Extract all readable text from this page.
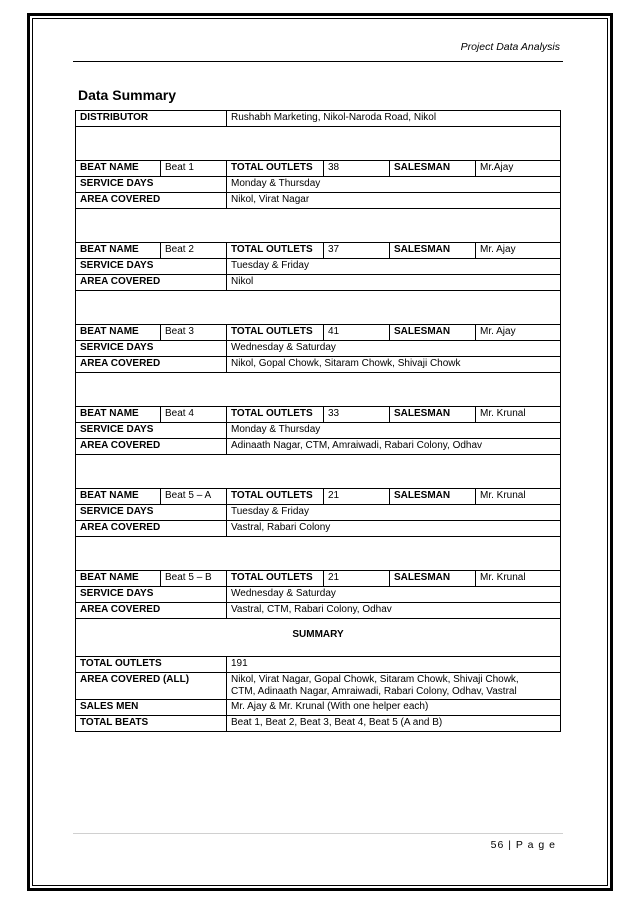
Project Data Analysis
Data Summary
DISTRIBUTOR		Rushabh Marketing, Nikol-Naroda Road, Nikol			

BEAT NAME	Beat 1	TOTAL OUTLETS	38	SALESMAN	Mr.Ajay
SERVICE DAYS		Monday & Thursday			
AREA COVERED		Nikol, Virat Nagar			

BEAT NAME	Beat 2	TOTAL OUTLETS	37	SALESMAN	Mr. Ajay
SERVICE DAYS		Tuesday & Friday			
AREA COVERED		Nikol			

BEAT NAME	Beat 3	TOTAL OUTLETS	41	SALESMAN	Mr. Ajay
SERVICE DAYS		Wednesday & Saturday			
AREA COVERED		Nikol, Gopal Chowk, Sitaram Chowk, Shivaji Chowk			

BEAT NAME	Beat 4	TOTAL OUTLETS	33	SALESMAN	Mr. Krunal
SERVICE DAYS		Monday & Thursday			
AREA COVERED		Adinaath Nagar, CTM, Amraiwadi, Rabari Colony, Odhav			

BEAT NAME	Beat 5 – A	TOTAL OUTLETS	21	SALESMAN	Mr. Krunal
SERVICE DAYS		Tuesday & Friday			
AREA COVERED		Vastral, Rabari Colony			

BEAT NAME	Beat 5 – B	TOTAL OUTLETS	21	SALESMAN	Mr. Krunal
SERVICE DAYS		Wednesday & Saturday			
AREA COVERED		Vastral, CTM, Rabari Colony, Odhav			
SUMMARY					
TOTAL OUTLETS		191			
AREA COVERED (ALL)		Nikol, Virat Nagar, Gopal Chowk, Sitaram Chowk, Shivaji Chowk,
CTM, Adinaath Nagar, Amraiwadi, Rabari Colony, Odhav, Vastral			

SALES MEN		Mr. Ajay & Mr. Krunal (With one helper each)			
TOTAL BEATS		Beat 1, Beat 2, Beat 3, Beat 4, Beat 5 (A and B)			
56 | P a g e
